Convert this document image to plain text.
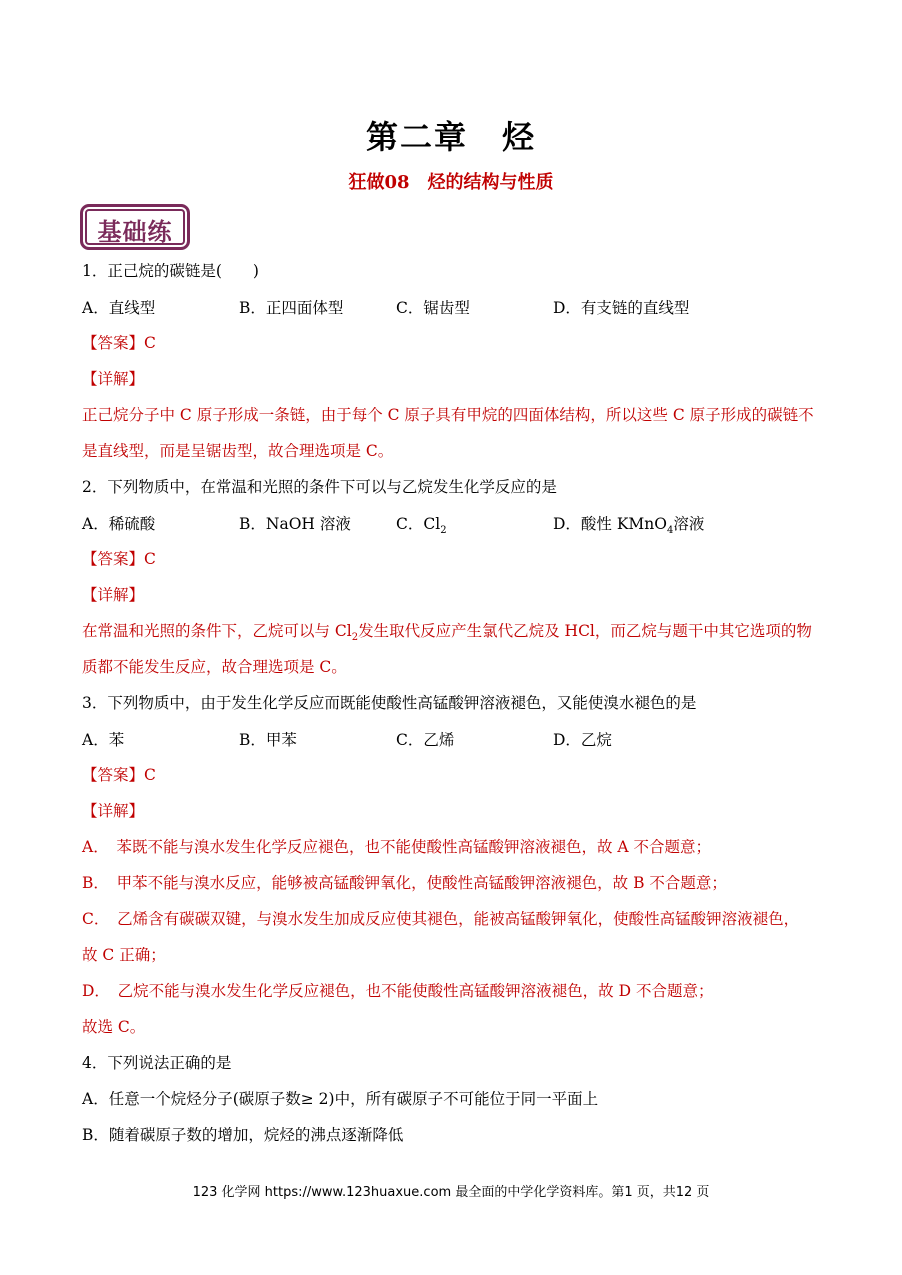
第二章　烃
狂做08　烃的结构与性质
基础练
1．正己烷的碳链是(　　)
A．直线型	B．正四面体型	C．锯齿型	D．有支链的直线型
【答案】C
【详解】
正己烷分子中 C 原子形成一条链，由于每个 C 原子具有甲烷的四面体结构，所以这些 C 原子形成的碳链不
是直线型，而是呈锯齿型，故合理选项是 C。
2．下列物质中，在常温和光照的条件下可以与乙烷发生化学反应的是
A．稀硫酸	B．NaOH 溶液	C．$Cl_2$	D．酸性 KMnO$_4$溶液
【答案】C
【详解】
在常温和光照的条件下，乙烷可以与 $Cl_2$发生取代反应产生氯代乙烷及 HCl，而乙烷与题干中其它选项的物
质都不能发生反应，故合理选项是 C。
3．下列物质中，由于发生化学反应而既能使酸性高锰酸钾溶液褪色，又能使溴水褪色的是
A．苯	B．甲苯	C．乙烯	D．乙烷
【答案】C
【详解】
A．　苯既不能与溴水发生化学反应褪色，也不能使酸性高锰酸钾溶液褪色，故 A 不合题意；
B．　甲苯不能与溴水反应，能够被高锰酸钾氧化，使酸性高锰酸钾溶液褪色，故 B 不合题意；
C．　乙烯含有碳碳双键，与溴水发生加成反应使其褪色，能被高锰酸钾氧化，使酸性高锰酸钾溶液褪色，
故 C 正确；
D．　乙烷不能与溴水发生化学反应褪色，也不能使酸性高锰酸钾溶液褪色，故 D 不合题意；
故选 C。
4．下列说法正确的是
A．任意一个烷烃分子(碳原子数≥ 2)中，所有碳原子不可能位于同一平面上
B．随着碳原子数的增加，烷烃的沸点逐渐降低
123 化学网 https://www.123huaxue.com 最全面的中学化学资料库。第1 页，共12 页
